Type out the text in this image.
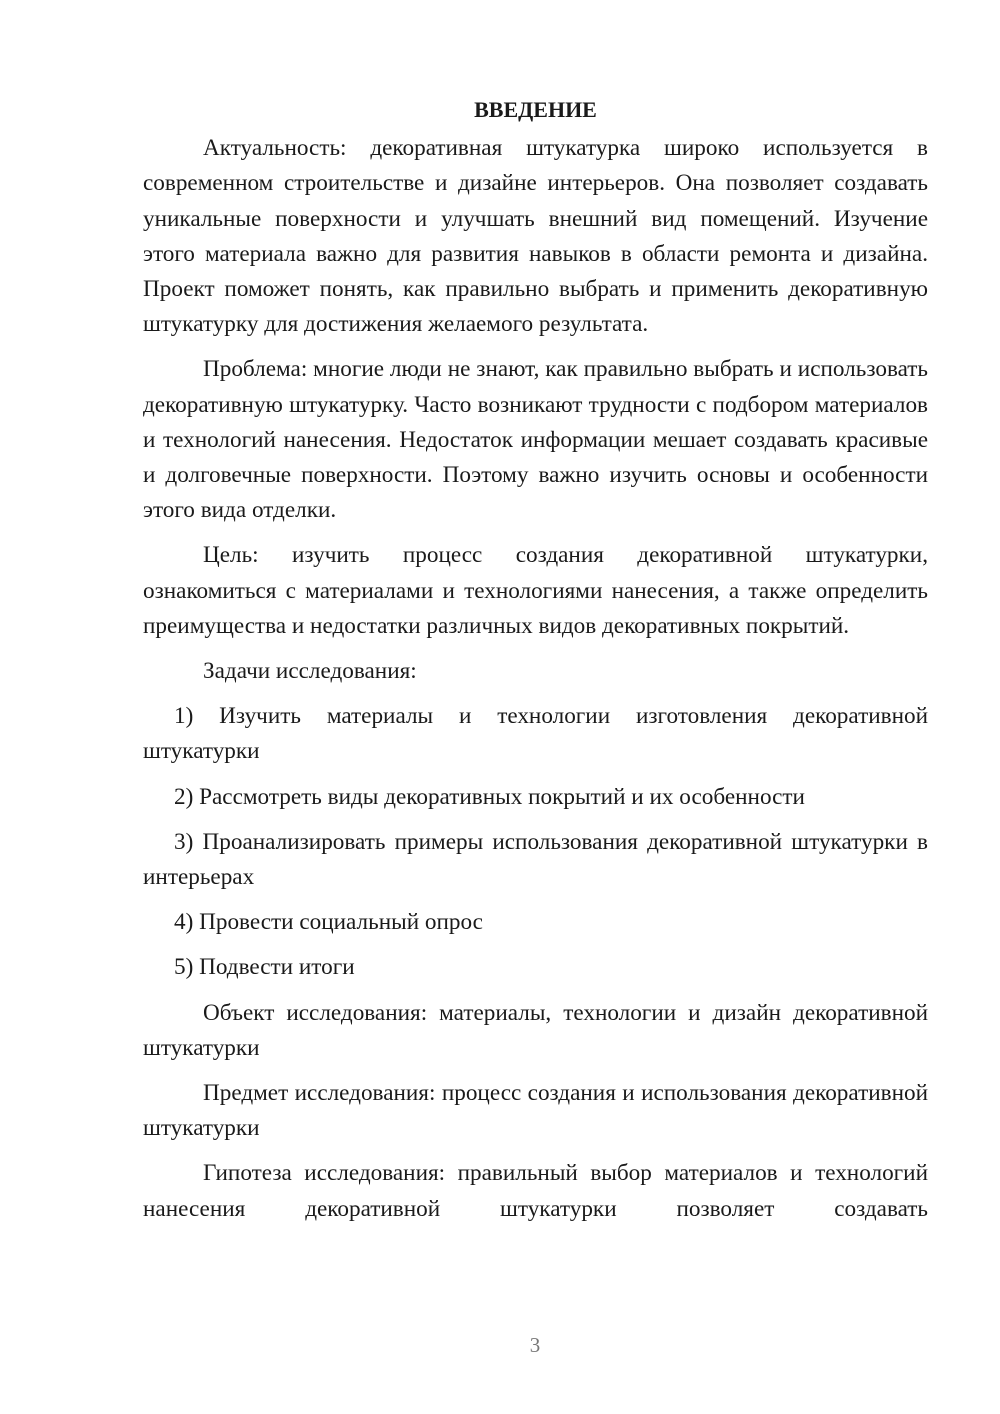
ВВЕДЕНИЕ

Актуальность: декоративная штукатурка широко используется в современном строительстве и дизайне интерьеров. Она позволяет создавать уникальные поверхности и улучшать внешний вид помещений. Изучение этого материала важно для развития навыков в области ремонта и дизайна. Проект поможет понять, как правильно выбрать и применить декоративную штукатурку для достижения желаемого результата.

Проблема: многие люди не знают, как правильно выбрать и использовать декоративную штукатурку. Часто возникают трудности с подбором материалов и технологий нанесения. Недостаток информации мешает создавать красивые и долговечные поверхности. Поэтому важно изучить основы и особенности этого вида отделки.

Цель: изучить процесс создания декоративной штукатурки, ознакомиться с материалами и технологиями нанесения, а также определить преимущества и недостатки различных видов декоративных покрытий.

Задачи исследования:

1) Изучить материалы и технологии изготовления декоративной штукатурки

2) Рассмотреть виды декоративных покрытий и их особенности

3) Проанализировать примеры использования декоративной штукатурки в интерьерах

4) Провести социальный опрос

5) Подвести итоги

Объект исследования: материалы, технологии и дизайн декоративной штукатурки

Предмет исследования: процесс создания и использования декоративной штукатурки

Гипотеза исследования: правильный выбор материалов и технологий нанесения декоративной штукатурки позволяет создавать

3
